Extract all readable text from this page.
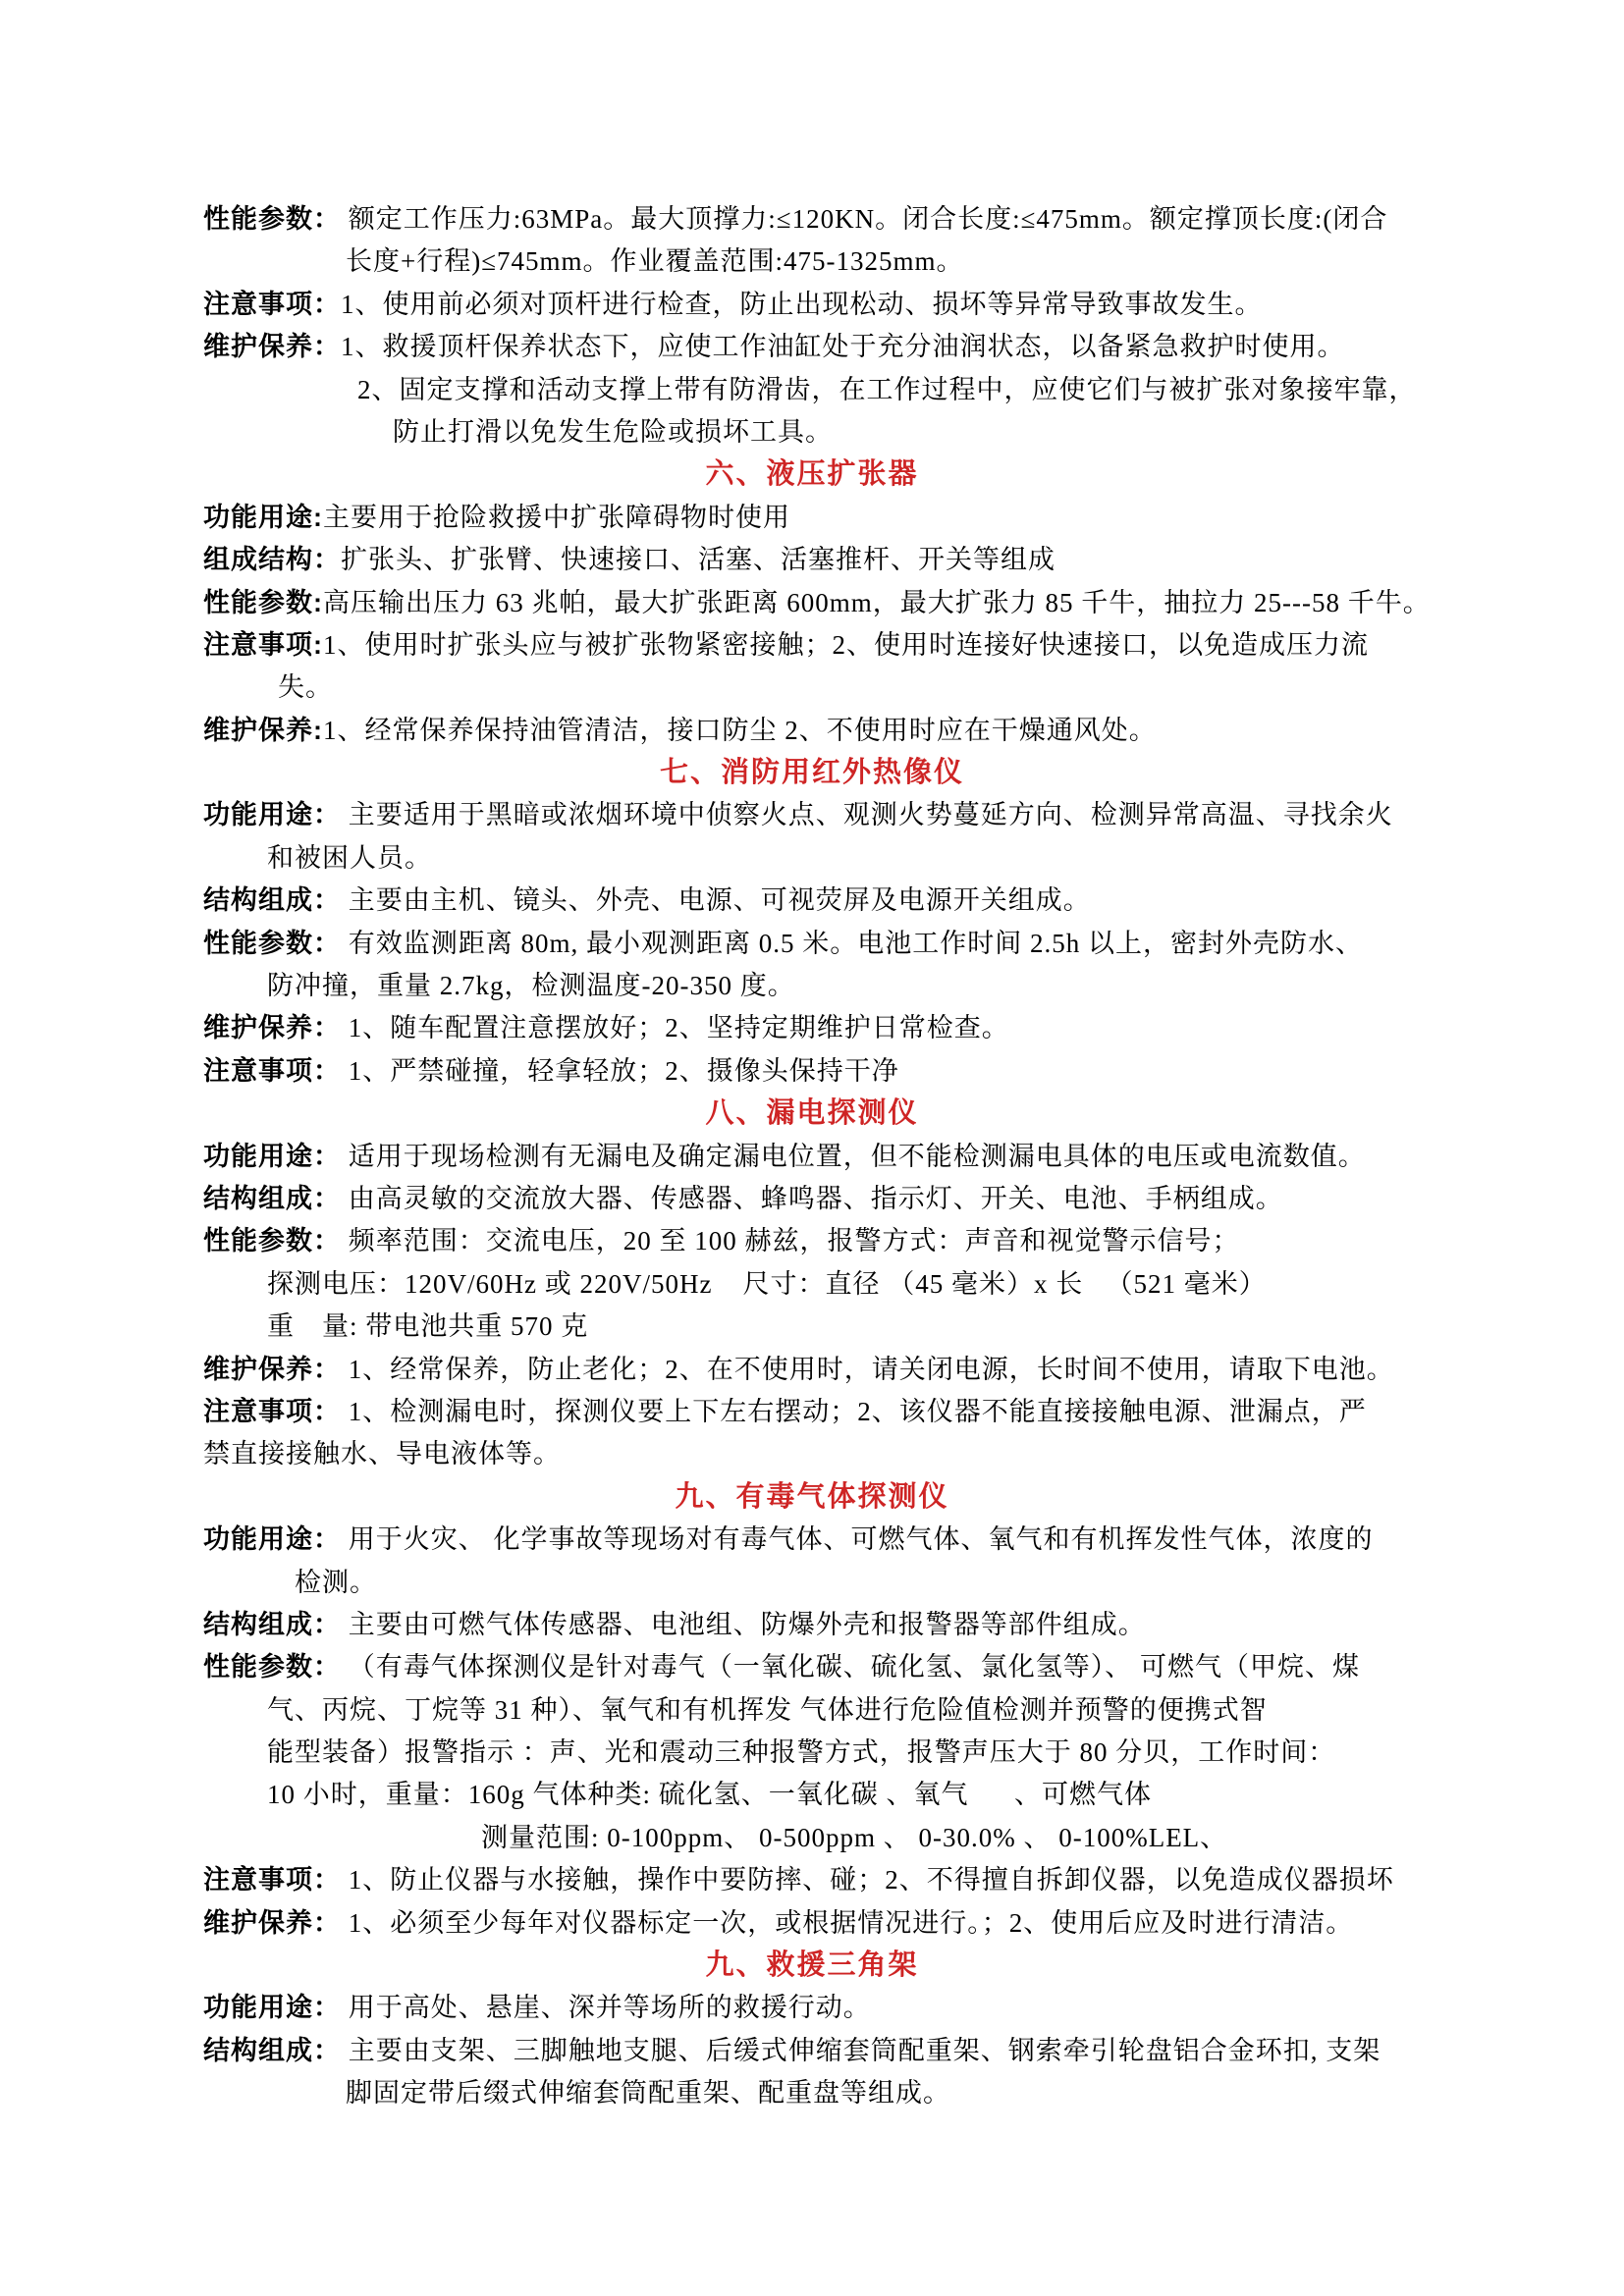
性能参数： 额定工作压力:63MPa。最大顶撑力:≤120KN。闭合长度:≤475mm。额定撑顶长度:(闭合
长度+行程)≤745mm。作业覆盖范围:475-1325mm。
注意事项：1、使用前必须对顶杆进行检查，防止出现松动、损坏等异常导致事故发生。
维护保养：1、救援顶杆保养状态下，应使工作油缸处于充分油润状态，以备紧急救护时使用。
2、固定支撑和活动支撑上带有防滑齿，在工作过程中，应使它们与被扩张对象接牢靠，
防止打滑以免发生危险或损坏工具。
六、液压扩张器
功能用途:主要用于抢险救援中扩张障碍物时使用
组成结构：扩张头、扩张臂、快速接口、活塞、活塞推杆、开关等组成
性能参数:高压输出压力 63 兆帕，最大扩张距离 600mm，最大扩张力 85 千牛，抽拉力 25---58 千牛。
注意事项:1、使用时扩张头应与被扩张物紧密接触；2、使用时连接好快速接口，以免造成压力流
失。
维护保养:1、经常保养保持油管清洁，接口防尘 2、不使用时应在干燥通风处。
七、消防用红外热像仪
功能用途： 主要适用于黑暗或浓烟环境中侦察火点、观测火势蔓延方向、检测异常高温、寻找余火
和被困人员。
结构组成： 主要由主机、镜头、外壳、电源、可视荧屏及电源开关组成。
性能参数： 有效监测距离 80m, 最小观测距离 0.5 米。电池工作时间 2.5h 以上，密封外壳防水、
防冲撞，重量 2.7kg，检测温度-20-350 度。
维护保养： 1、随车配置注意摆放好；2、坚持定期维护日常检查。
注意事项： 1、严禁碰撞，轻拿轻放；2、摄像头保持干净
八、漏电探测仪
功能用途： 适用于现场检测有无漏电及确定漏电位置，但不能检测漏电具体的电压或电流数值。
结构组成： 由高灵敏的交流放大器、传感器、蜂鸣器、指示灯、开关、电池、手柄组成。
性能参数： 频率范围：交流电压，20 至 100 赫兹，报警方式：声音和视觉警示信号；
探测电压：120V/60Hz 或 220V/50Hz    尺寸：直径 （45 毫米）x 长   （521 毫米）
重　量: 带电池共重 570 克
维护保养： 1、经常保养，防止老化；2、在不使用时，请关闭电源，长时间不使用，请取下电池。
注意事项： 1、检测漏电时，探测仪要上下左右摆动；2、该仪器不能直接接触电源、泄漏点，严
禁直接接触水、导电液体等。
九、有毒气体探测仪
功能用途： 用于火灾、 化学事故等现场对有毒气体、可燃气体、氧气和有机挥发性气体，浓度的
检测。
结构组成： 主要由可燃气体传感器、电池组、防爆外壳和报警器等部件组成。
性能参数： （有毒气体探测仪是针对毒气（一氧化碳、硫化氢、氯化氢等）、 可燃气（甲烷、煤
气、丙烷、丁烷等 31 种）、氧气和有机挥发 气体进行危险值检测并预警的便携式智
能型装备）报警指示 ：声、光和震动三种报警方式，报警声压大于 80 分贝，工作时间：
10 小时，重量：160g 气体种类: 硫化氢、一氧化碳 、氧气      、可燃气体
测量范围: 0-100ppm、 0-500ppm 、 0-30.0% 、 0-100%LEL、
注意事项： 1、防止仪器与水接触，操作中要防摔、碰；2、不得擅自拆卸仪器，以免造成仪器损坏
维护保养： 1、必须至少每年对仪器标定一次，或根据情况进行。；2、使用后应及时进行清洁。
九、救援三角架
功能用途： 用于高处、悬崖、深并等场所的救援行动。
结构组成： 主要由支架、三脚触地支腿、后缓式伸缩套筒配重架、钢索牵引轮盘铝合金环扣, 支架
脚固定带后缀式伸缩套筒配重架、配重盘等组成。
